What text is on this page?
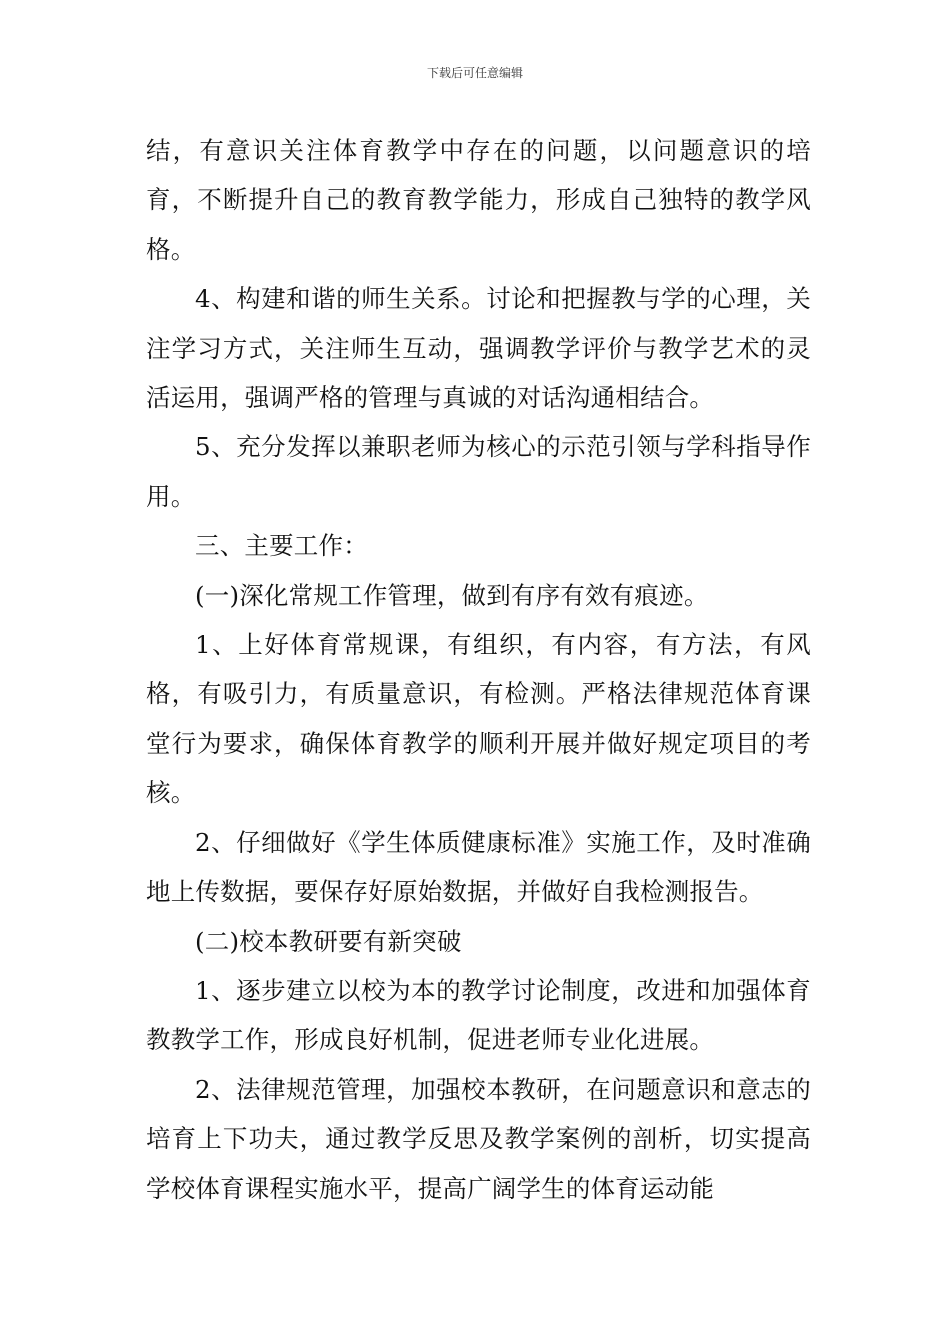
下载后可任意编辑

结，有意识关注体育教学中存在的问题，以问题意识的培育，不断提升自己的教育教学能力，形成自己独特的教学风格。

4、构建和谐的师生关系。讨论和把握教与学的心理，关注学习方式，关注师生互动，强调教学评价与教学艺术的灵活运用，强调严格的管理与真诚的对话沟通相结合。

5、充分发挥以兼职老师为核心的示范引领与学科指导作用。

三、主要工作：

(一)深化常规工作管理，做到有序有效有痕迹。

1、上好体育常规课，有组织，有内容，有方法，有风格，有吸引力，有质量意识，有检测。严格法律规范体育课堂行为要求，确保体育教学的顺利开展并做好规定项目的考核。

2、仔细做好《学生体质健康标准》实施工作，及时准确地上传数据，要保存好原始数据，并做好自我检测报告。

(二)校本教研要有新突破

1、逐步建立以校为本的教学讨论制度，改进和加强体育教教学工作，形成良好机制，促进老师专业化进展。

2、法律规范管理，加强校本教研，在问题意识和意志的培育上下功夫，通过教学反思及教学案例的剖析，切实提高学校体育课程实施水平，提高广阔学生的体育运动能
